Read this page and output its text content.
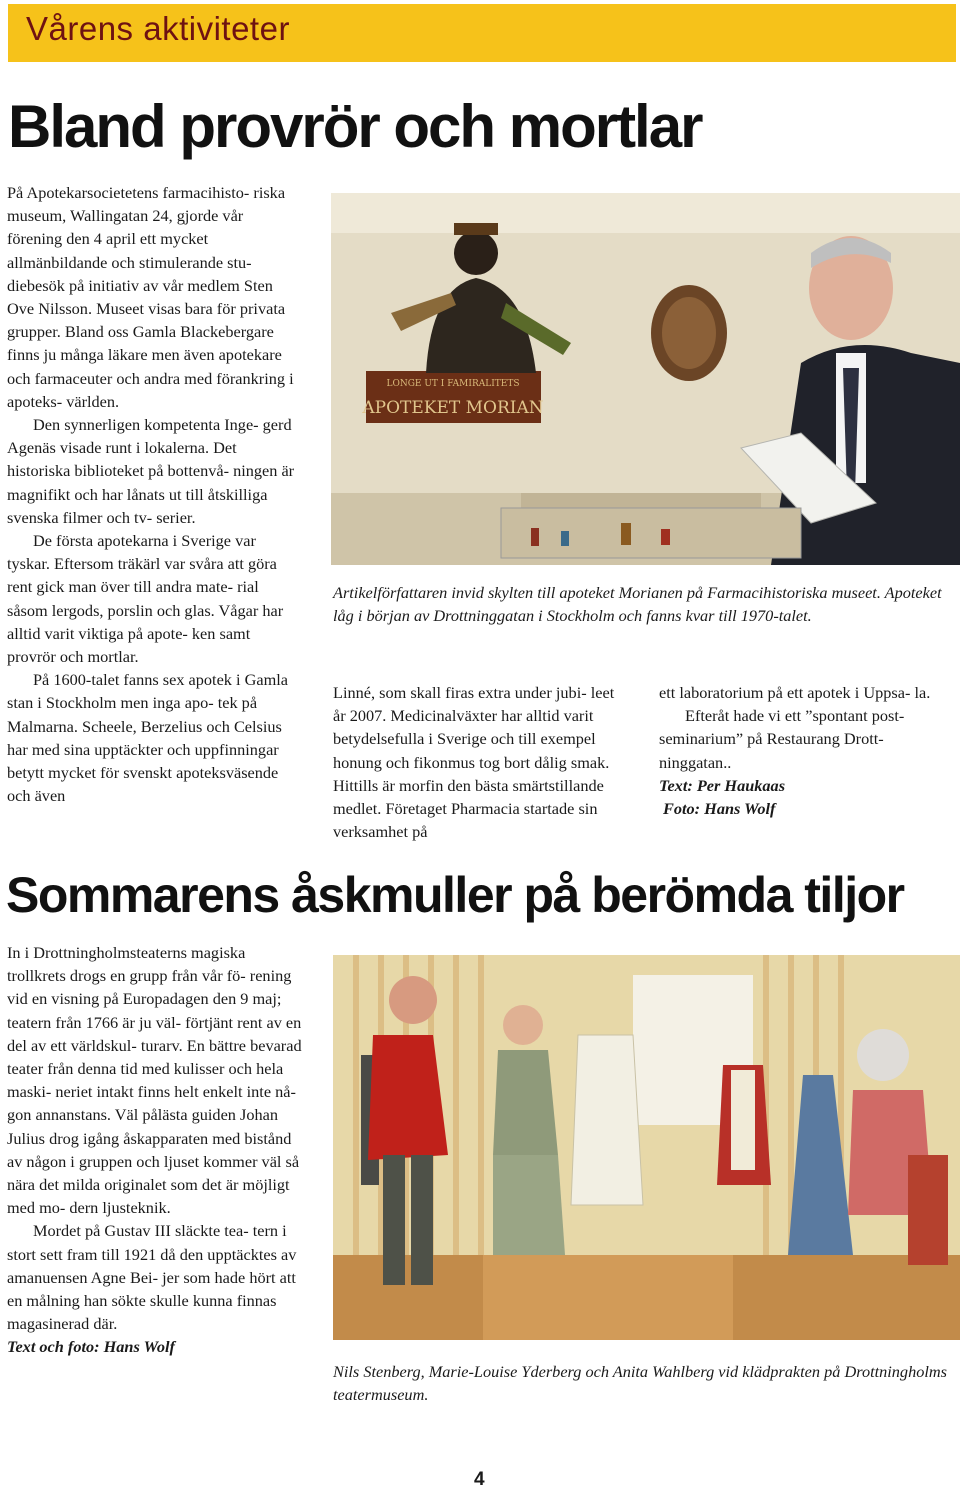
Vårens aktiviteter
Bland provrör och mortlar

På Apotekarsocietetens farmacihisto- riska museum, Wallingatan 24, gjorde vår förening den 4 april ett mycket allmänbildande och stimulerande stu- diebesök på initiativ av vår medlem Sten Ove Nilsson. Museet visas bara för privata grupper. Bland oss Gamla Blackebergare finns ju många läkare men även apotekare och farmaceuter och andra med förankring i apoteks- världen.

Den synnerligen kompetenta Inge- gerd Agenäs visade runt i lokalerna. Det historiska biblioteket på bottenvå- ningen är magnifikt och har lånats ut till åtskilliga svenska filmer och tv- serier.

De första apotekarna i Sverige var tyskar. Eftersom träkärl var svåra att göra rent gick man över till andra mate- rial såsom lergods, porslin och glas. Vågar har alltid varit viktiga på apote- ken samt provrör och mortlar.

På 1600-talet fanns sex apotek i Gamla stan i Stockholm men inga apo- tek på Malmarna. Scheele, Berzelius och Celsius har med sina upptäckter och uppfinningar betytt mycket för svenskt apoteksväsende och även

LONGE UT I FAMIRALITETS
APOTEKET MORIAN

Artikelförfattaren invid skylten till apoteket Morianen på Farmacihistoriska museet. Apoteket låg i början av Drottninggatan i Stockholm och fanns kvar till 1970-talet.

Linné, som skall firas extra under jubi- leet år 2007. Medicinalväxter har alltid varit betydelsefulla i Sverige och till exempel honung och fikonmus tog bort dålig smak. Hittills är morfin den bästa smärtstillande medlet. Företaget Pharmacia startade sin verksamhet på

ett laboratorium på ett apotek i Uppsa- la.

Efteråt hade vi ett ”spontant post- seminarium” på Restaurang Drott- ninggatan..

Text: Per Haukaas

Foto: Hans Wolf

Sommarens åskmuller på berömda tiljor

In i Drottningholmsteaterns magiska trollkrets drogs en grupp från vår fö- rening vid en visning på Europadagen den 9 maj; teatern från 1766 är ju väl- förtjänt rent av en del av ett världskul- turarv. En bättre bevarad teater från denna tid med kulisser och hela maski- neriet intakt finns helt enkelt inte nå- gon annanstans. Väl pålästa guiden Johan Julius drog igång åskapparaten med bistånd av någon i gruppen och ljuset kommer väl så nära det milda originalet som det är möjligt med mo- dern ljusteknik.

Mordet på Gustav III släckte tea- tern i stort sett fram till 1921 då den upptäcktes av amanuensen Agne Bei- jer som hade hört att en målning han sökte skulle kunna finnas magasinerad där.

Text och foto: Hans Wolf

Nils Stenberg, Marie-Louise Yderberg och Anita Wahlberg vid klädprakten på Drottningholms teatermuseum.

4
